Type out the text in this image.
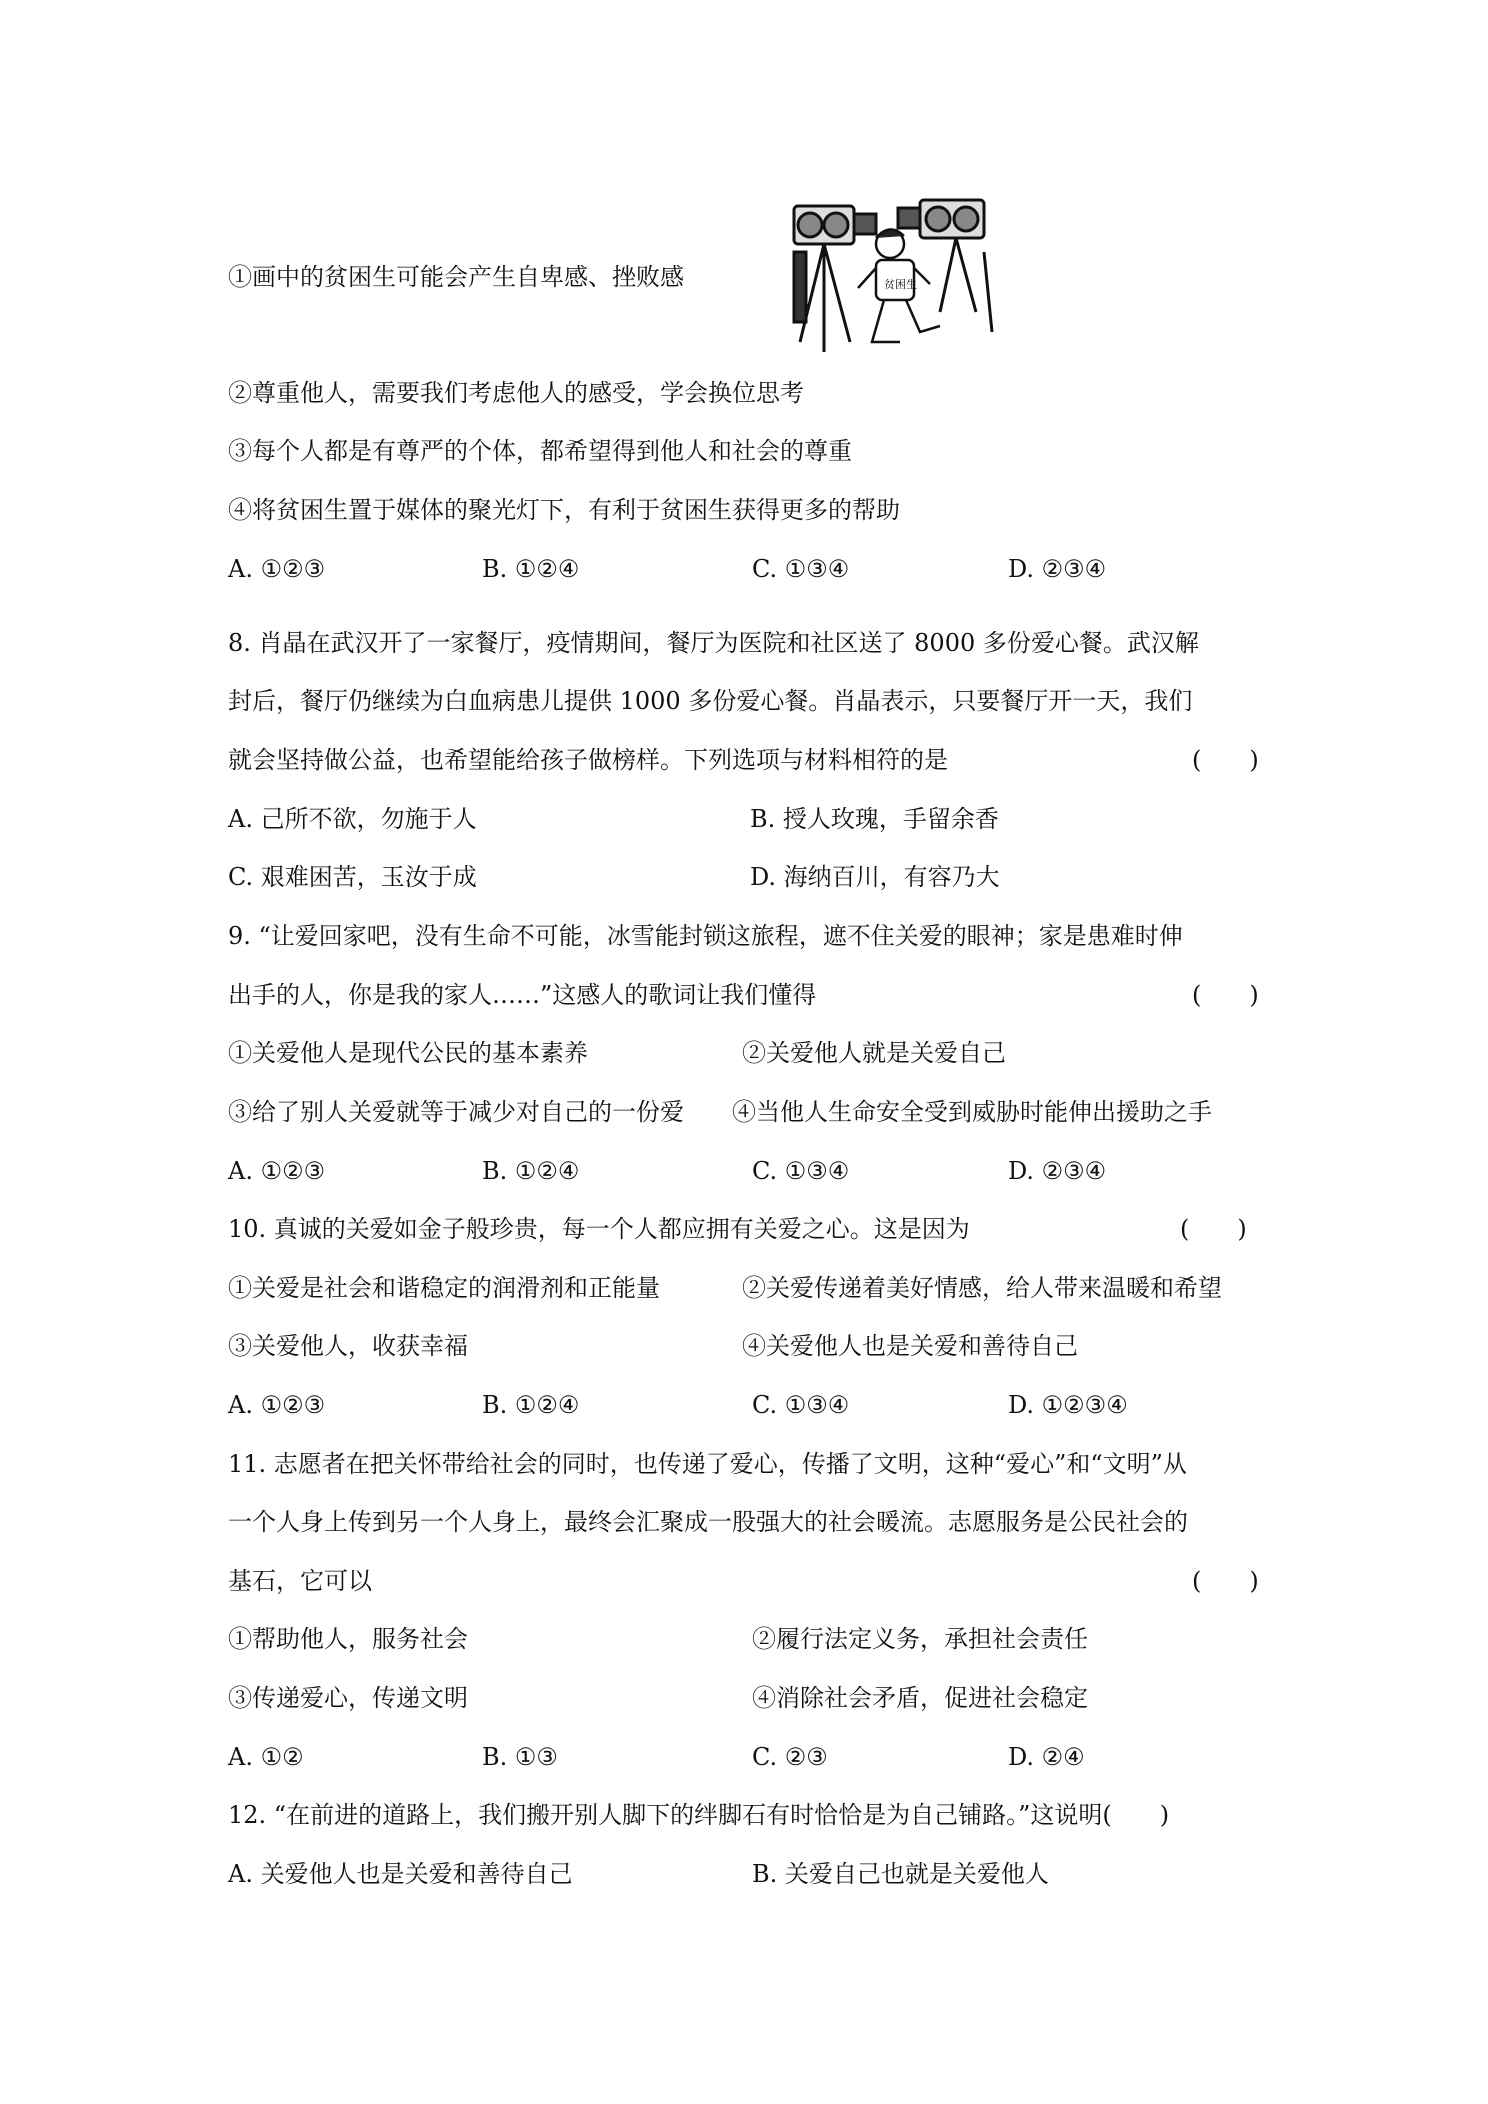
①画中的贫困生可能会产生自卑感、挫败感	贫困生
②尊重他人，需要我们考虑他人的感受，学会换位思考
③每个人都是有尊严的个体，都希望得到他人和社会的尊重
④将贫困生置于媒体的聚光灯下，有利于贫困生获得更多的帮助
A. ①②③	B. ①②④	C. ①③④	D. ②③④
8. 肖晶在武汉开了一家餐厅，疫情期间，餐厅为医院和社区送了 8000 多份爱心餐。武汉解
封后，餐厅仍继续为白血病患儿提供 1000 多份爱心餐。肖晶表示，只要餐厅开一天，我们
就会坚持做公益，也希望能给孩子做榜样。下列选项与材料相符的是	(　　)
A. 己所不欲，勿施于人	B. 授人玫瑰，手留余香
C. 艰难困苦，玉汝于成	D. 海纳百川，有容乃大
9. “让爱回家吧，没有生命不可能，冰雪能封锁这旅程，遮不住关爱的眼神；家是患难时伸
出手的人，你是我的家人……”这感人的歌词让我们懂得	(　　)
①关爱他人是现代公民的基本素养	②关爱他人就是关爱自己
③给了别人关爱就等于减少对自己的一份爱 ④当他人生命安全受到威胁时能伸出援助之手
A. ①②③	B. ①②④	C. ①③④	D. ②③④
10. 真诚的关爱如金子般珍贵，每一个人都应拥有关爱之心。这是因为	(　　)
①关爱是社会和谐稳定的润滑剂和正能量	②关爱传递着美好情感，给人带来温暖和希望
③关爱他人，收获幸福	④关爱他人也是关爱和善待自己
A. ①②③	B. ①②④	C. ①③④	D. ①②③④
11. 志愿者在把关怀带给社会的同时，也传递了爱心，传播了文明，这种“爱心”和“文明”从
一个人身上传到另一个人身上，最终会汇聚成一股强大的社会暖流。志愿服务是公民社会的
基石，它可以	(　　)
①帮助他人，服务社会	②履行法定义务，承担社会责任
③传递爱心，传递文明	④消除社会矛盾，促进社会稳定
A. ①②	B. ①③	C. ②③	D. ②④
12. “在前进的道路上，我们搬开别人脚下的绊脚石有时恰恰是为自己铺路。”这说明(　　)
A. 关爱他人也是关爱和善待自己	B. 关爱自己也就是关爱他人
